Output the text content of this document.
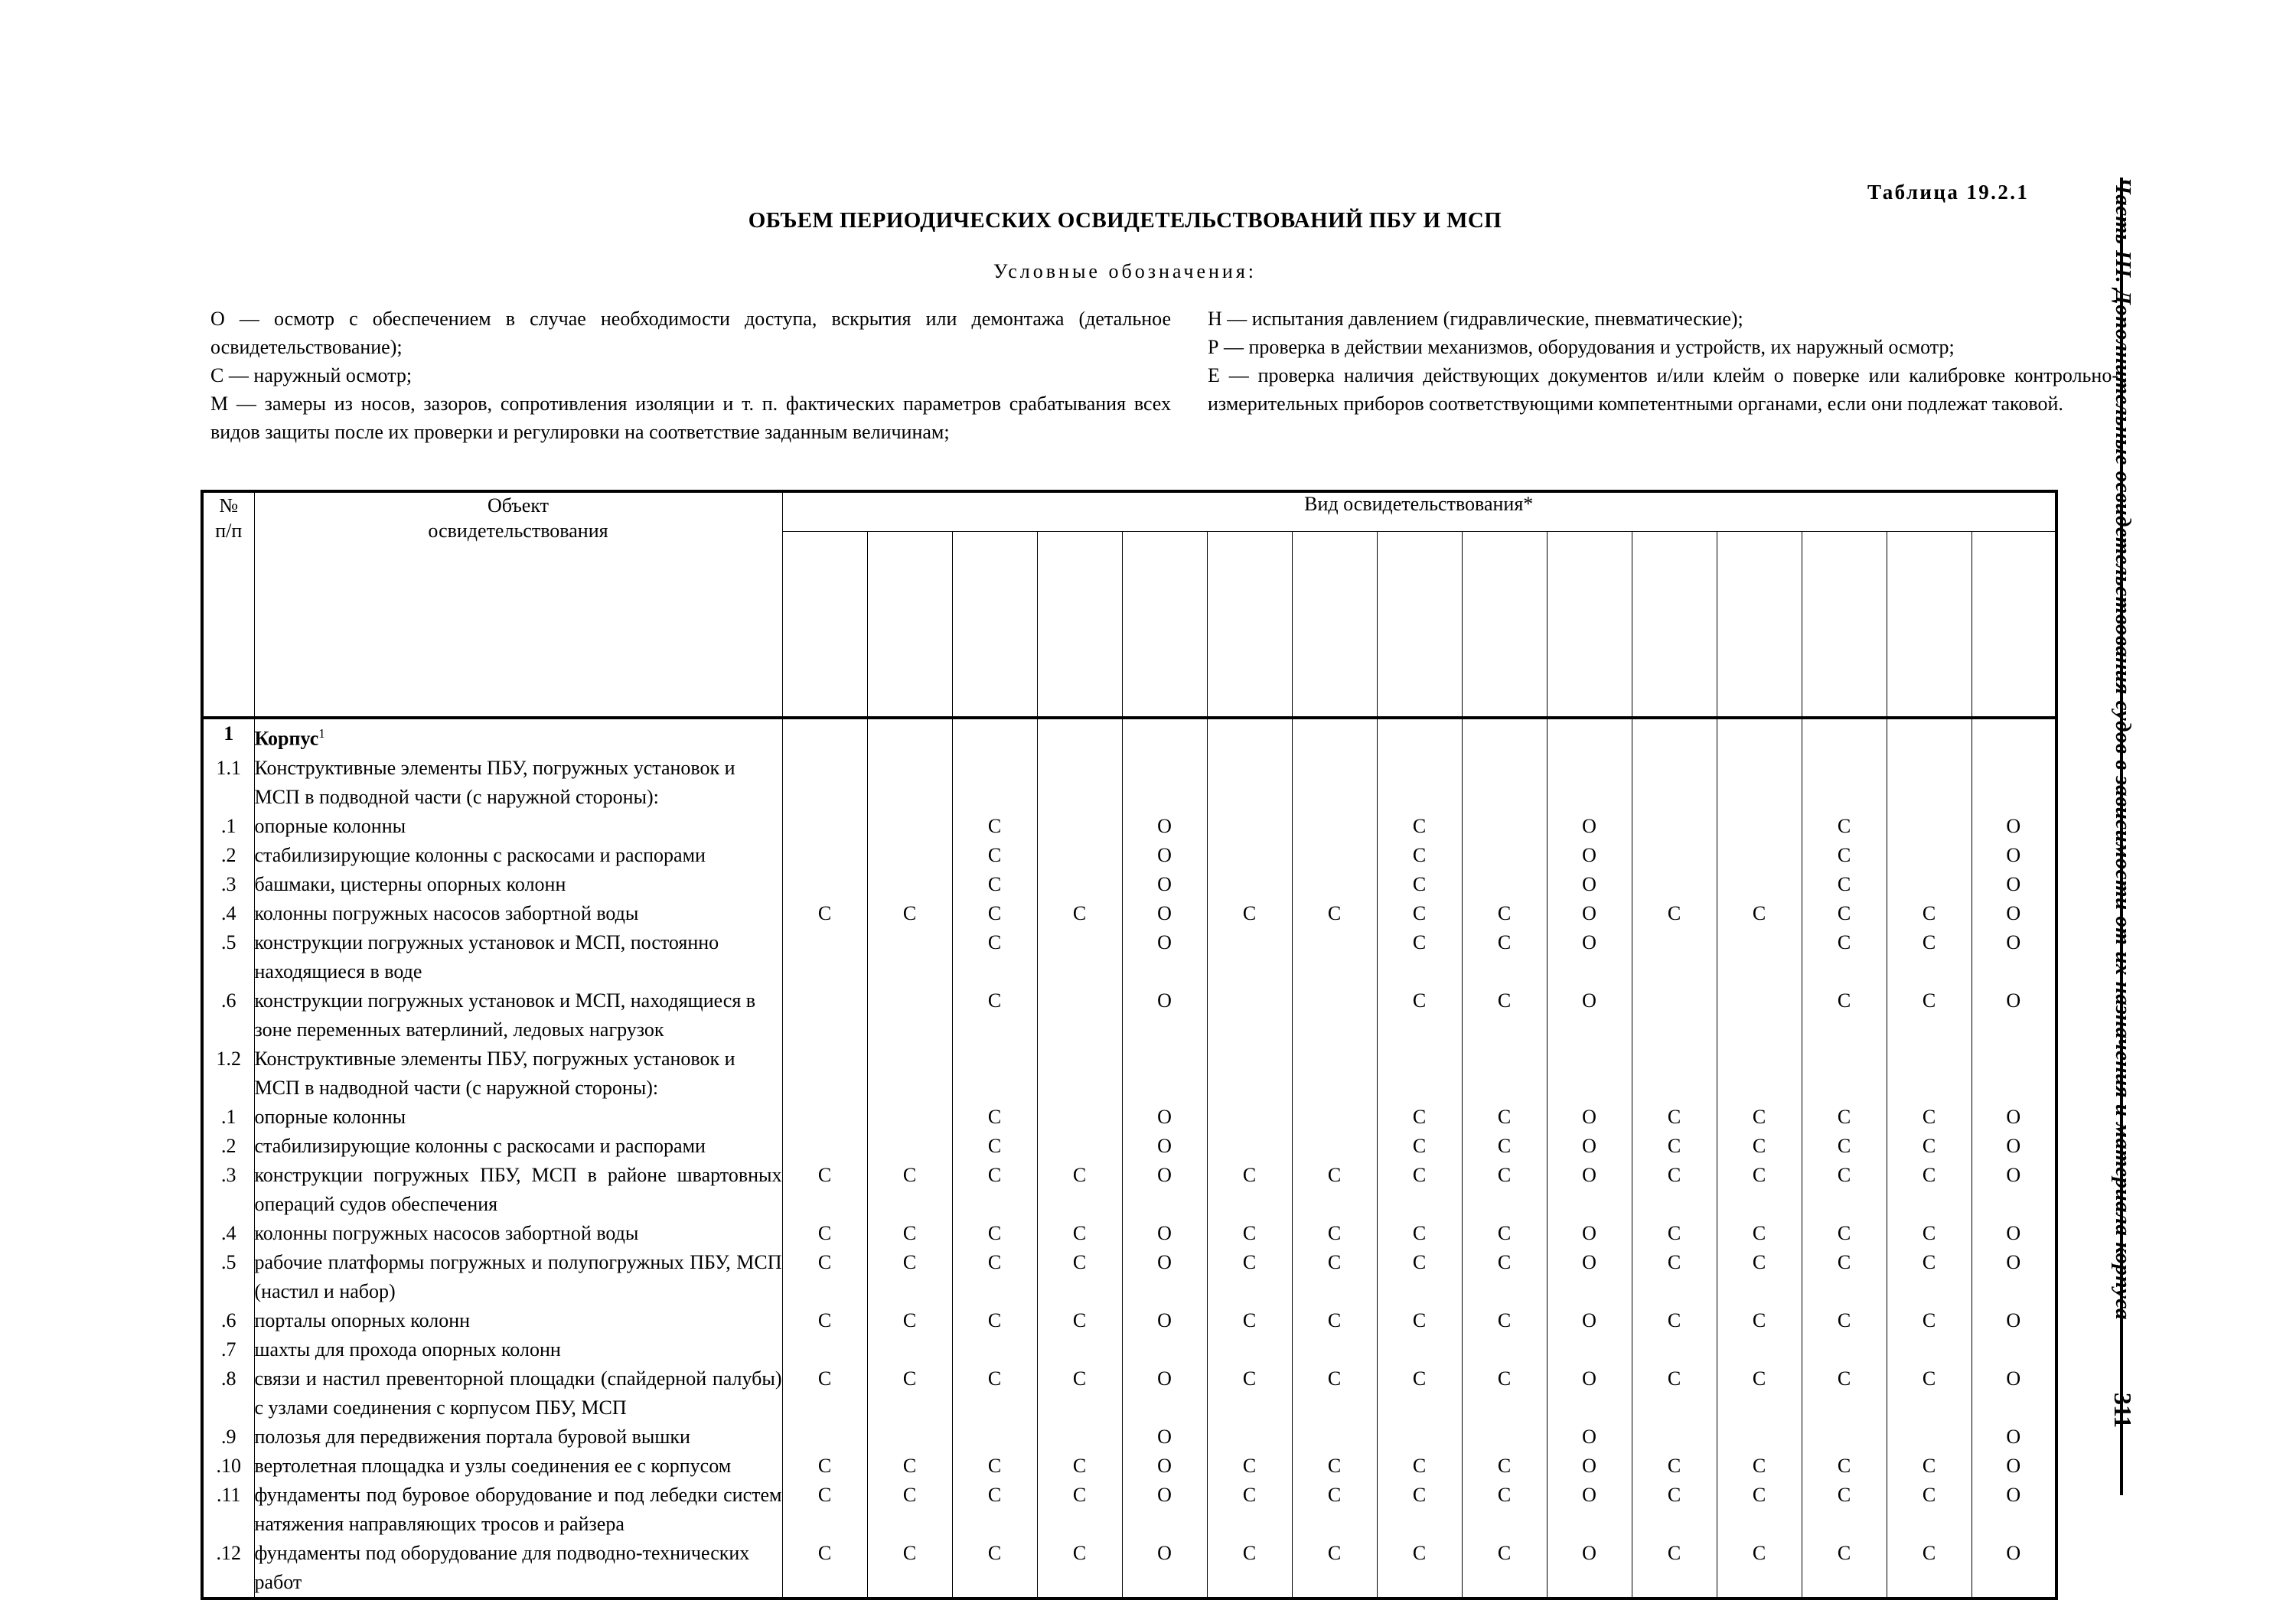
Таблица 19.2.1
ОБЪЕМ ПЕРИОДИЧЕСКИХ ОСВИДЕТЕЛЬСТВОВАНИЙ ПБУ И МСП
Условные обозначения:

О — осмотр с обеспечением в случае необходимости доступа, вскрытия или демонтажа (детальное освидетельствование);

С — наружный осмотр;

М — замеры из носов, зазоров, сопротивления изоляции и т. п. фактических параметров срабатывания всех видов защиты после их проверки и регулировки на соответствие заданным величинам;

Н — испытания давлением (гидравлические, пневматические);

Р — проверка в действии механизмов, оборудования и устройств, их наружный осмотр;

Е — проверка наличия действующих документов и/или клейм о поверке или калибровке контрольно-измерительных приборов соответствующими компетентными органами, если они подлежат таковой.	Часть III. Дополнительные освидетельствования судов в зависимости от их назначения и материала корпуса
311
№
п/п

Объект
освидетельствования
	Вид освидетельствования*

1	Корпус$^1$															
1.1	Конструктивные элементы ПБУ, погружных установок и МСП в подводной части (с наружной стороны):															
.1	опорные колонны			С		О			С		О			С		О
.2	стабилизирующие колонны с раскосами и распорами			С		О			С		О			С		О
.3	башмаки, цистерны опорных колонн			С		О			С		О			С		О
.4	колонны погружных насосов забортной воды	С	С	С	С	О	С	С	С	С	О	С	С	С	С	О
.5	конструкции погружных установок и МСП, постоянно находящиеся в воде			С		О			С	С	О			С	С	О
.6	конструкции погружных установок и МСП, находящиеся в зоне переменных ватерлиний, ледовых нагрузок			С		О			С	С	О			С	С	О
1.2	Конструктивные элементы ПБУ, погружных установок и МСП в надводной части (с наружной стороны):															
.1	опорные колонны			С		О			С	С	О	С	С	С	С	О
.2	стабилизирующие колонны с раскосами и распорами			С		О			С	С	О	С	С	С	С	О
.3	конструкции погружных ПБУ, МСП в районе швартовных операций судов обеспечения	С	С	С	С	О	С	С	С	С	О	С	С	С	С	О
.4	колонны погружных насосов забортной воды	С	С	С	С	О	С	С	С	С	О	С	С	С	С	О
.5	рабочие платформы погружных и полупогружных ПБУ, МСП (настил и набор)	С	С	С	С	О	С	С	С	С	О	С	С	С	С	О
.6	порталы опорных колонн	С	С	С	С	О	С	С	С	С	О	С	С	С	С	О
.7	шахты для прохода опорных колонн															
.8	связи и настил превенторной площадки (спайдерной палубы) с узлами соединения с корпусом ПБУ, МСП	С	С	С	С	О	С	С	С	С	О	С	С	С	С	О
.9	полозья для передвижения портала буровой вышки					О					О					О
.10	вертолетная площадка и узлы соединения ее с корпусом	С	С	С	С	О	С	С	С	С	О	С	С	С	С	О
.11	фундаменты под буровое оборудование и под лебедки систем натяжения направляющих тросов и райзера	С	С	С	С	О	С	С	С	С	О	С	С	С	С	О
.12	фундаменты под оборудование для подводно-технических работ	С	С	С	С	О	С	С	С	С	О	С	С	С	С	О
